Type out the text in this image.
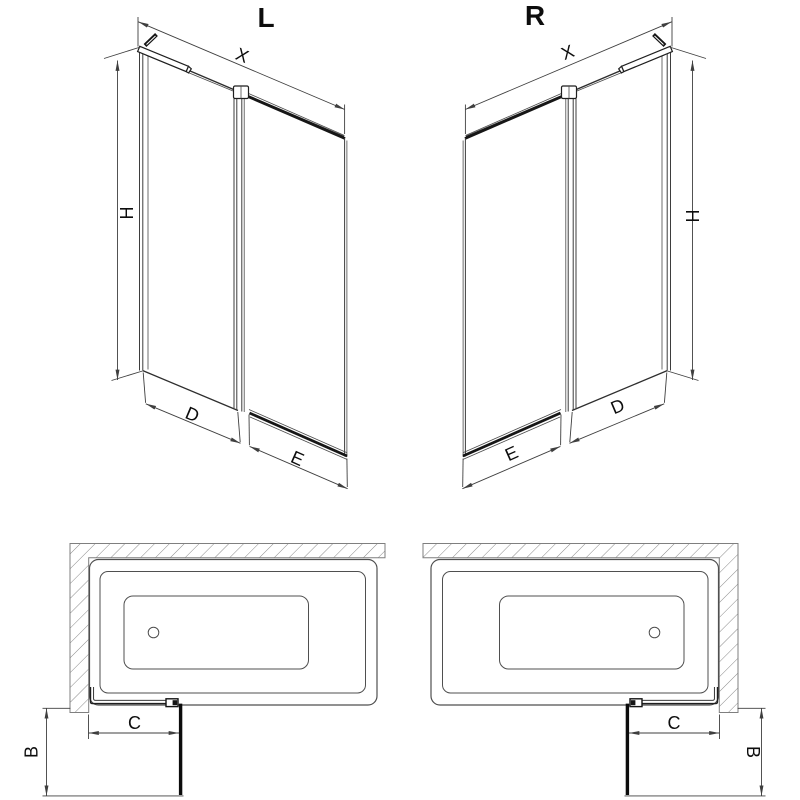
L	R
X
H
D
E
X
H
D
E
C
B
C
B
